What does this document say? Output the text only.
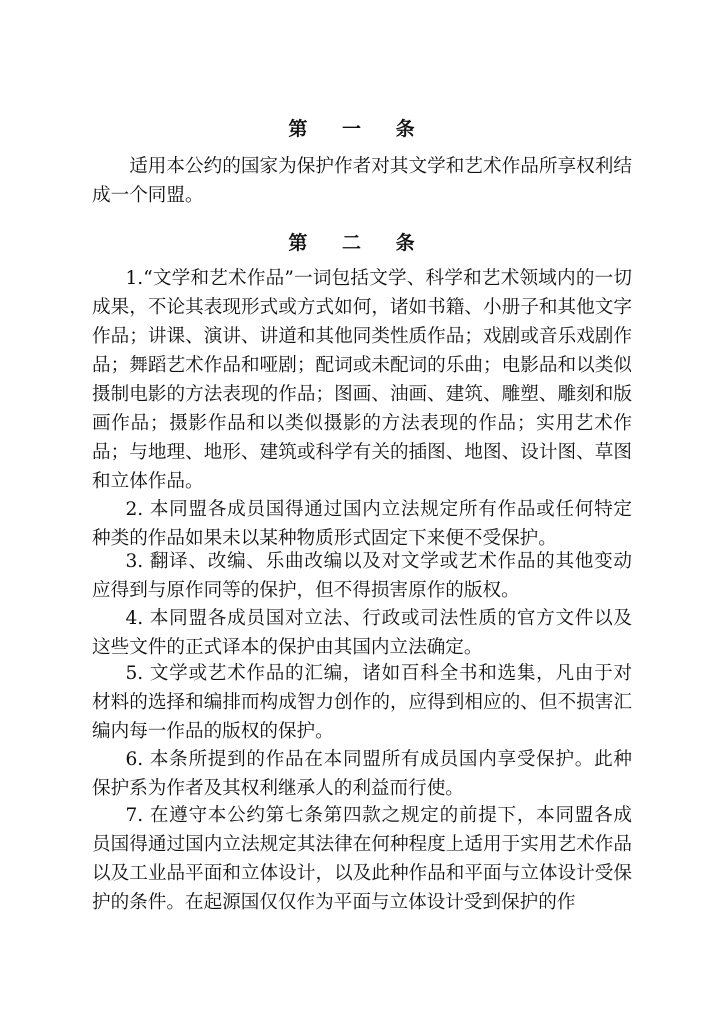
第 一 条
适用本公约的国家为保护作者对其文学和艺术作品所享权利结成一个同盟。
第 二 条
1.“文学和艺术作品”一词包括文学、科学和艺术领域内的一切成果，不论其表现形式或方式如何，诸如书籍、小册子和其他文字作品；讲课、演讲、讲道和其他同类性质作品；戏剧或音乐戏剧作品；舞蹈艺术作品和哑剧；配词或未配词的乐曲；电影品和以类似摄制电影的方法表现的作品；图画、油画、建筑、雕塑、雕刻和版画作品；摄影作品和以类似摄影的方法表现的作品；实用艺术作品；与地理、地形、建筑或科学有关的插图、地图、设计图、草图和立体作品。
2. 本同盟各成员国得通过国内立法规定所有作品或任何特定种类的作品如果未以某种物质形式固定下来便不受保护。
3. 翻译、改编、乐曲改编以及对文学或艺术作品的其他变动应得到与原作同等的保护，但不得损害原作的版权。
4. 本同盟各成员国对立法、行政或司法性质的官方文件以及这些文件的正式译本的保护由其国内立法确定。
5. 文学或艺术作品的汇编，诸如百科全书和选集，凡由于对材料的选择和编排而构成智力创作的，应得到相应的、但不损害汇编内每一作品的版权的保护。
6. 本条所提到的作品在本同盟所有成员国内享受保护。此种保护系为作者及其权利继承人的利益而行使。
7. 在遵守本公约第七条第四款之规定的前提下，本同盟各成员国得通过国内立法规定其法律在何种程度上适用于实用艺术作品以及工业品平面和立体设计，以及此种作品和平面与立体设计受保护的条件。在起源国仅仅作为平面与立体设计受到保护的作
